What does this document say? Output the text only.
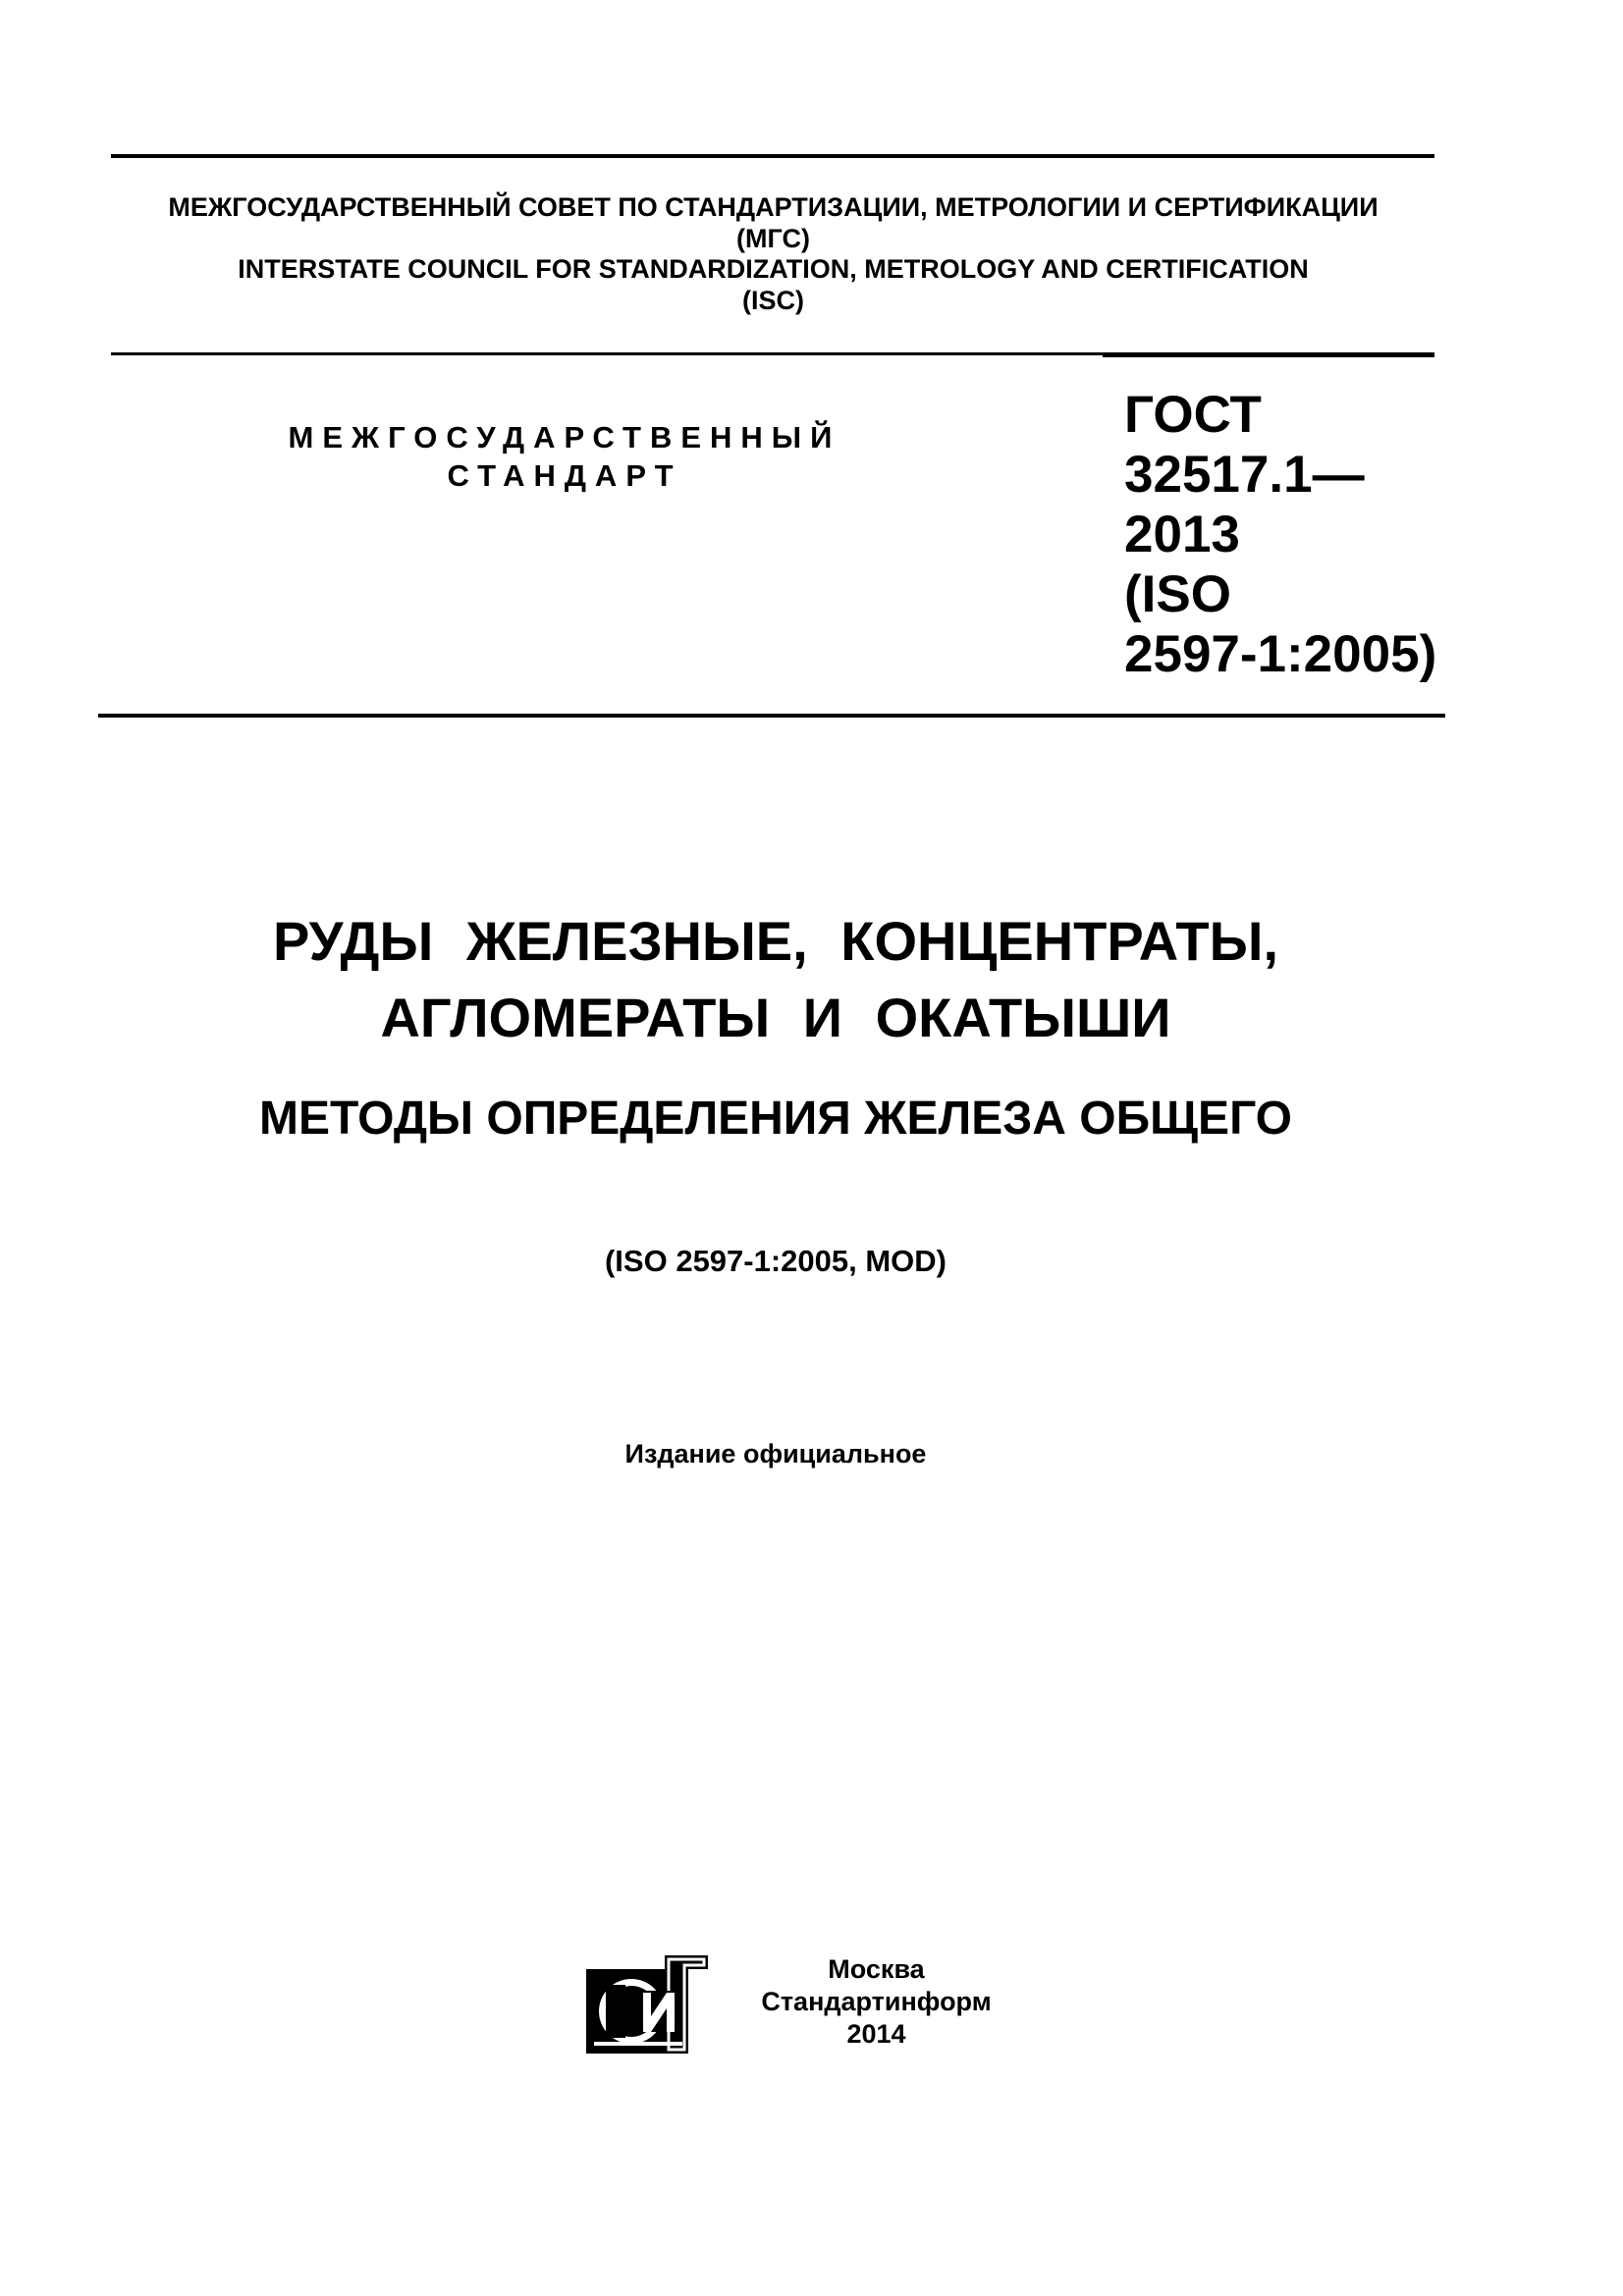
МЕЖГОСУДАРСТВЕННЫЙ СОВЕТ ПО СТАНДАРТИЗАЦИИ, МЕТРОЛОГИИ И СЕРТИФИКАЦИИ
(МГС)
INTERSTATE COUNCIL FOR STANDARDIZATION, METROLOGY AND CERTIFICATION
(ISC)
МЕЖГОСУДАРСТВЕННЫЙ
СТАНДАРТ
ГОСТ
32517.1—
2013
(ISO
2597-1:2005)
РУДЫ ЖЕЛЕЗНЫЕ, КОНЦЕНТРАТЫ,
АГЛОМЕРАТЫ И ОКАТЫШИ
МЕТОДЫ ОПРЕДЕЛЕНИЯ ЖЕЛЕЗА ОБЩЕГО
(ISO 2597-1:2005, MOD)
Издание официальное
Москва
Стандартинформ
2014
